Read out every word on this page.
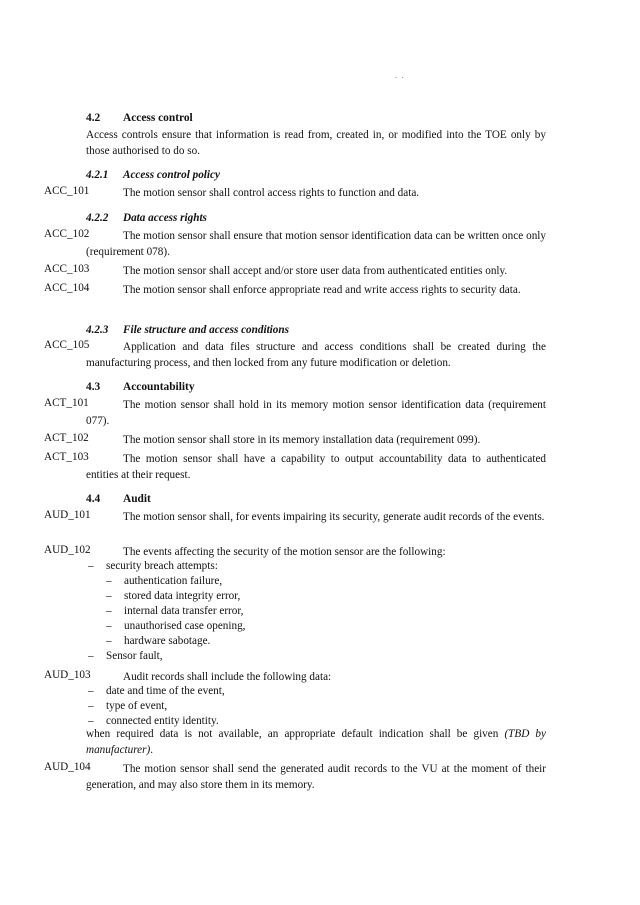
. .
4.2 Access control
Access controls ensure that information is read from, created in, or modified into the TOE only by those authorised to do so.
4.2.1 Access control policy
ACC_101	The motion sensor shall control access rights to function and data.
4.2.2 Data access rights
ACC_102	The motion sensor shall ensure that motion sensor identification data can be written once only (requirement 078).
ACC_103	The motion sensor shall accept and/or store user data from authenticated entities only.
ACC_104	The motion sensor shall enforce appropriate read and write access rights to security data.
4.2.3 File structure and access conditions
ACC_105	Application and data files structure and access conditions shall be created during the manufacturing process, and then locked from any future modification or deletion.
4.3 Accountability
ACT_101	The motion sensor shall hold in its memory motion sensor identification data (requirement 077).
ACT_102	The motion sensor shall store in its memory installation data (requirement 099).
ACT_103	The motion sensor shall have a capability to output accountability data to authenticated entities at their request.
4.4 Audit
AUD_101	The motion sensor shall, for events impairing its security, generate audit records of the events.
AUD_102	The events affecting the security of the motion sensor are the following:
– security breach attempts:
– authentication failure,
– stored data integrity error,
– internal data transfer error,
– unauthorised case opening,
– hardware sabotage.
– Sensor fault,
AUD_103	Audit records shall include the following data:
– date and time of the event,
– type of event,
– connected entity identity.
when required data is not available, an appropriate default indication shall be given (TBD by manufacturer).
AUD_104	The motion sensor shall send the generated audit records to the VU at the moment of their generation, and may also store them in its memory.
